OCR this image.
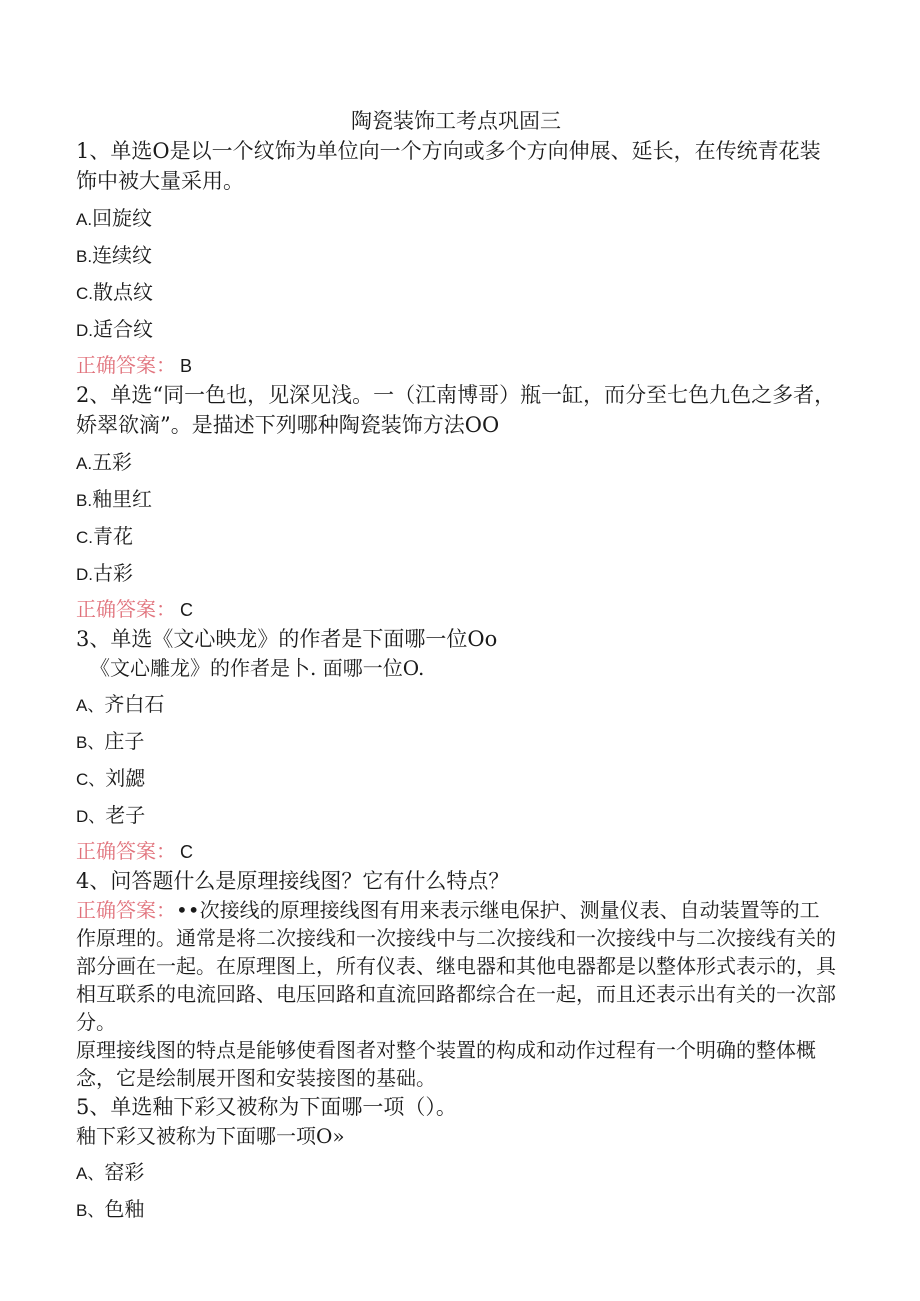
陶瓷装饰工考点巩固三

1、单选O是以一个纹饰为单位向一个方向或多个方向伸展、延长，在传统青花装饰中被大量采用。

A.回旋纹
B.连续纹
C.散点纹
D.适合纹
正确答案： B

2、单选“同一色也，见深见浅。一（江南博哥）瓶一缸，而分至七色九色之多者，娇翠欲滴”。是描述下列哪种陶瓷装饰方法OO

A.五彩
B.釉里红
C.青花
D.古彩
正确答案： C

3、单选《文心映龙》的作者是下面哪一位Oo

《文心雕龙》的作者是卜. 面哪一位O.

A、齐白石
B、庄子
C、刘勰
D、老子
正确答案： C

4、问答题什么是原理接线图？它有什么特点？

正确答案：••次接线的原理接线图有用来表示继电保护、测量仪表、自动装置等的工作原理的。通常是将二次接线和一次接线中与二次接线和一次接线中与二次接线有关的部分画在一起。在原理图上，所有仪表、继电器和其他电器都是以整体形式表示的，具相互联系的电流回路、电压回路和直流回路都综合在一起，而且还表示出有关的一次部分。

原理接线图的特点是能够使看图者对整个装置的构成和动作过程有一个明确的整体概念，它是绘制展开图和安装接图的基础。

5、单选釉下彩又被称为下面哪一项（）。

釉下彩又被称为下面哪一项O»

A、窑彩
B、色釉
